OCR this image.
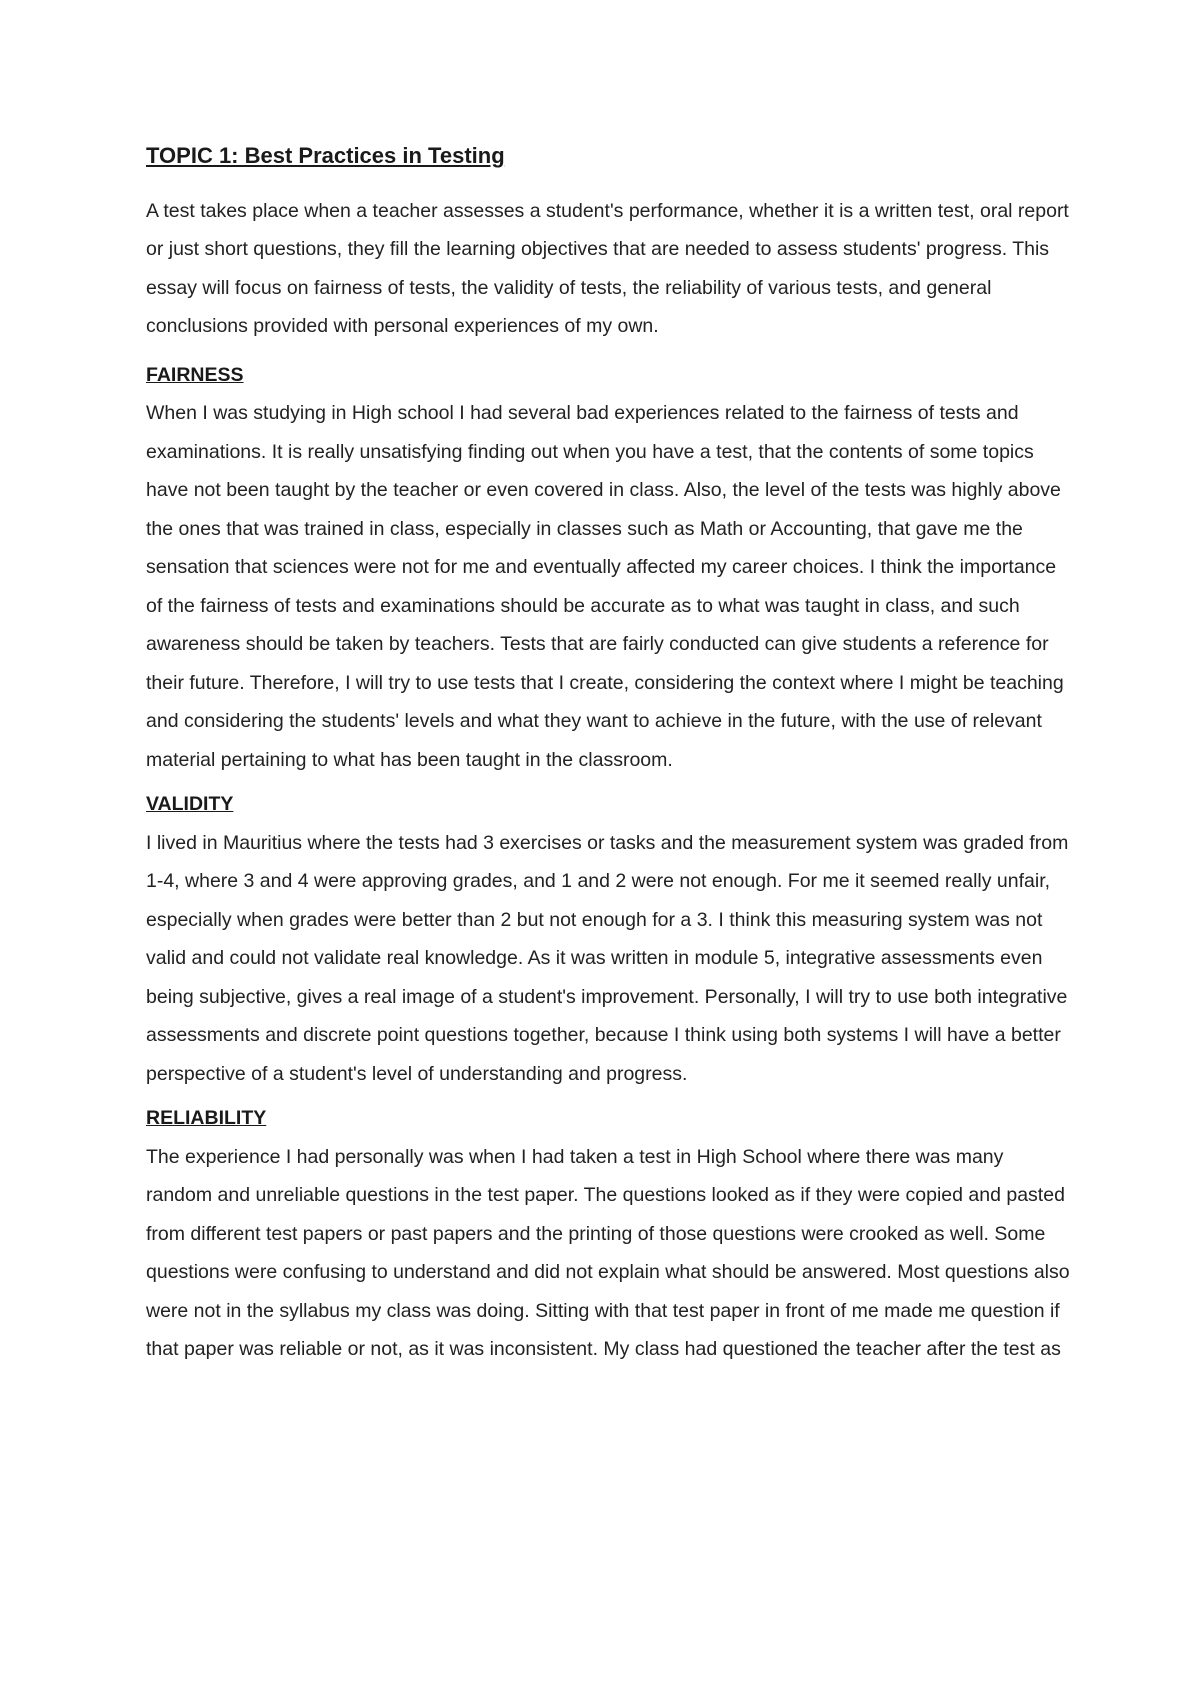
TOPIC 1: Best Practices in Testing

A test takes place when a teacher assesses a student's performance, whether it is a written test, oral report or just short questions, they fill the learning objectives that are needed to assess students' progress. This essay will focus on fairness of tests, the validity of tests, the reliability of various tests, and general conclusions provided with personal experiences of my own.

FAIRNESS

When I was studying in High school I had several bad experiences related to the fairness of tests and examinations. It is really unsatisfying finding out when you have a test, that the contents of some topics have not been taught by the teacher or even covered in class. Also, the level of the tests was highly above the ones that was trained in class, especially in classes such as Math or Accounting, that gave me the sensation that sciences were not for me and eventually affected my career choices. I think the importance of the fairness of tests and examinations should be accurate as to what was taught in class, and such awareness should be taken by teachers. Tests that are fairly conducted can give students a reference for their future. Therefore, I will try to use tests that I create, considering the context where I might be teaching and considering the students' levels and what they want to achieve in the future, with the use of relevant material pertaining to what has been taught in the classroom.

VALIDITY

I lived in Mauritius where the tests had 3 exercises or tasks and the measurement system was graded from 1-4, where 3 and 4 were approving grades, and 1 and 2 were not enough. For me it seemed really unfair, especially when grades were better than 2 but not enough for a 3. I think this measuring system was not valid and could not validate real knowledge. As it was written in module 5, integrative assessments even being subjective, gives a real image of a student's improvement. Personally, I will try to use both integrative assessments and discrete point questions together, because I think using both systems I will have a better perspective of a student's level of understanding and progress.

RELIABILITY

The experience I had personally was when I had taken a test in High School where there was many random and unreliable questions in the test paper. The questions looked as if they were copied and pasted from different test papers or past papers and the printing of those questions were crooked as well. Some questions were confusing to understand and did not explain what should be answered. Most questions also were not in the syllabus my class was doing. Sitting with that test paper in front of me made me question if that paper was reliable or not, as it was inconsistent. My class had questioned the teacher after the test as
